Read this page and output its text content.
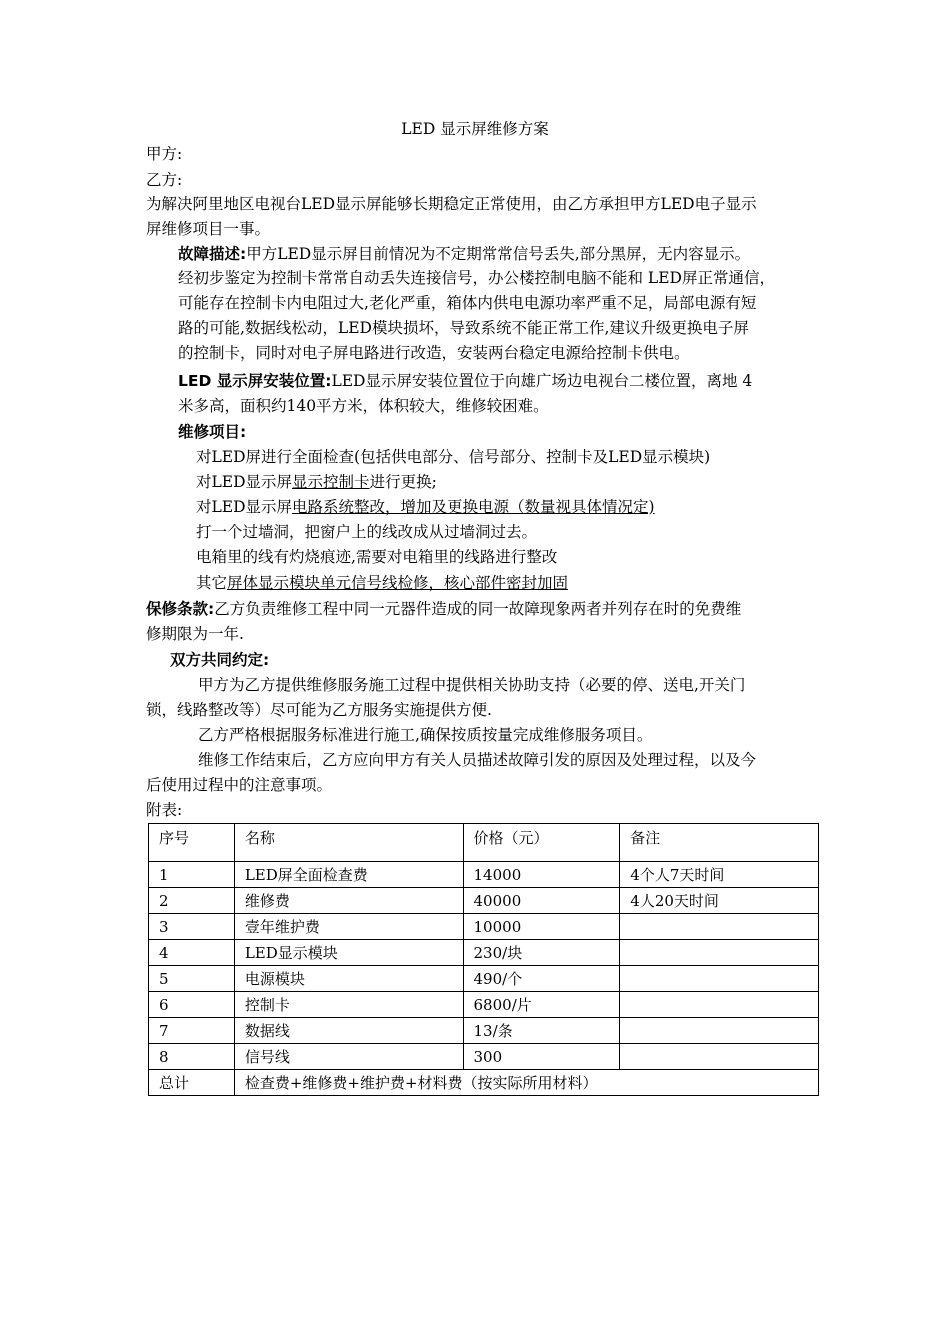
LED 显示屏维修方案
甲方:
乙方:
为解决阿里地区电视台LED显示屏能够长期稳定正常使用，由乙方承担甲方LED电子显示
屏维修项目一事。
故障描述:甲方LED显示屏目前情况为不定期常常信号丢失,部分黑屏，无内容显示。
经初步鉴定为控制卡常常自动丢失连接信号，办公楼控制电脑不能和 LED屏正常通信，
可能存在控制卡内电阻过大,老化严重，箱体内供电电源功率严重不足，局部电源有短
路的可能,数据线松动，LED模块损坏，导致系统不能正常工作,建议升级更换电子屏
的控制卡，同时对电子屏电路进行改造，安装两台稳定电源给控制卡供电。
LED 显示屏安装位置:LED显示屏安装位置位于向雄广场边电视台二楼位置，离地 4
米多高，面积约140平方米，体积较大，维修较困难。
维修项目:
对LED屏进行全面检查(包括供电部分、信号部分、控制卡及LED显示模块)
对LED显示屏显示控制卡进行更换;
对LED显示屏电路系统整改，增加及更换电源（数量视具体情况定)
打一个过墙洞，把窗户上的线改成从过墙洞过去。
电箱里的线有灼烧痕迹,需要对电箱里的线路进行整改
其它屏体显示模块单元信号线检修，核心部件密封加固
保修条款:乙方负责维修工程中同一元器件造成的同一故障现象两者并列存在时的免费维
修期限为一年.
双方共同约定:
甲方为乙方提供维修服务施工过程中提供相关协助支持（必要的停、送电,开关门
锁，线路整改等）尽可能为乙方服务实施提供方便.
乙方严格根据服务标准进行施工,确保按质按量完成维修服务项目。
维修工作结束后，乙方应向甲方有关人员描述故障引发的原因及处理过程，以及今
后使用过程中的注意事项。
附表:
序号	名称	价格（元）	备注
1	LED屏全面检查费	14000	4个人7天时间
2	维修费	40000	4人20天时间
3	壹年维护费	10000	
4	LED显示模块	230/块	
5	电源模块	490/个	
6	控制卡	6800/片	
7	数据线	13/条	
8	信号线	300	
总计	检查费+维修费+维护费+材料费（按实际所用材料）		
